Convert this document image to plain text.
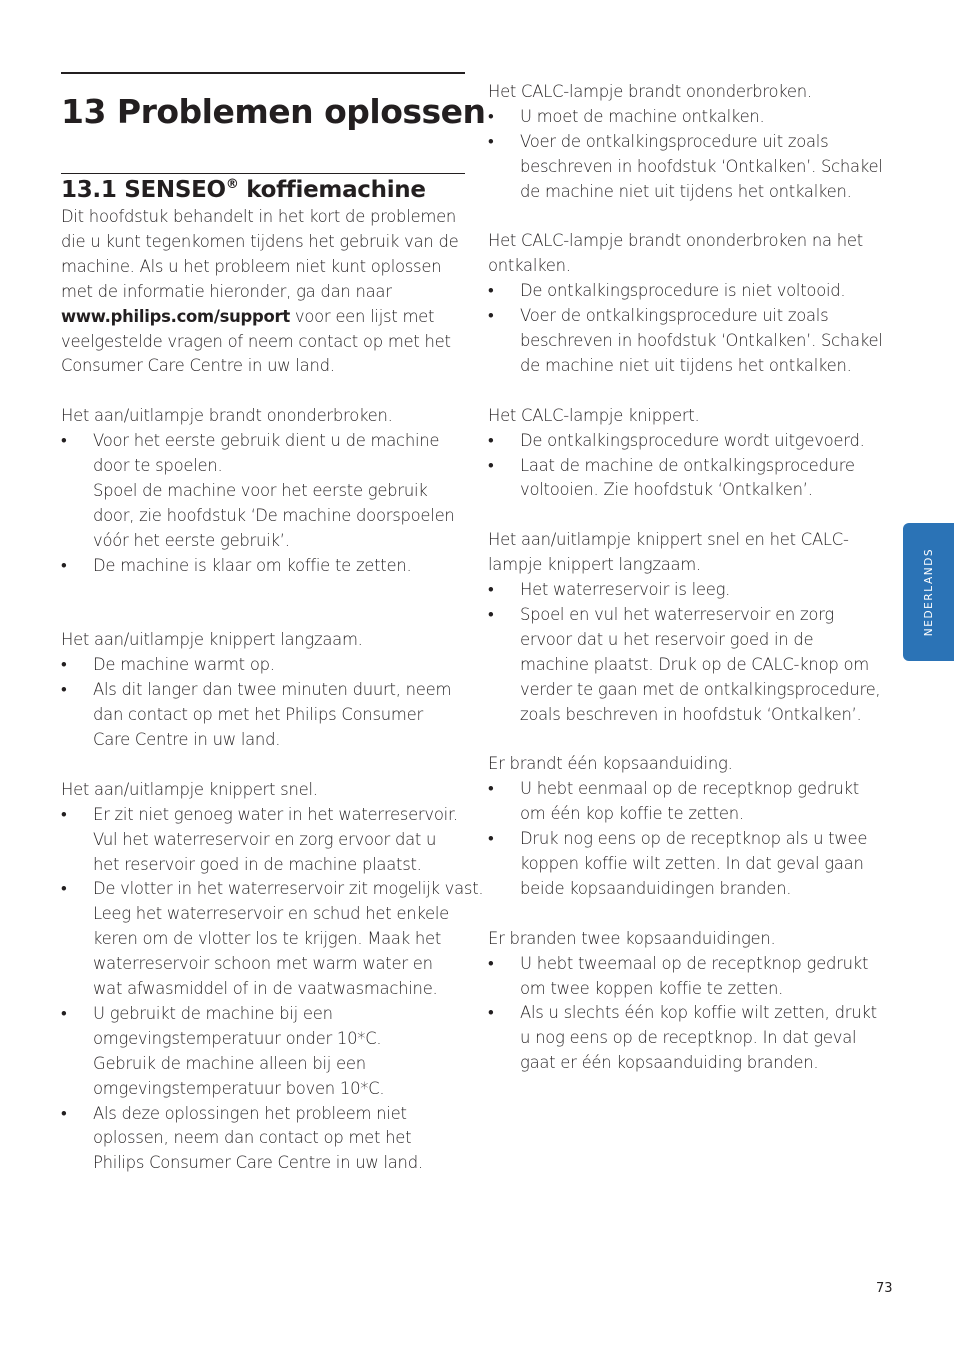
13 Problemen oplossen
13.1 SENSEO® koffiemachine

Dit hoofdstuk behandelt in het kort de problemen
die u kunt tegenkomen tijdens het gebruik van de
machine. Als u het probleem niet kunt oplossen
met de informatie hieronder, ga dan naar
www.philips.com/support voor een lijst met
veelgestelde vragen of neem contact op met het
Consumer Care Centre in uw land.

Het aan/uitlampje brandt ononderbroken.

• Voor het eerste gebruik dient u de machine
door te spoelen.
Spoel de machine voor het eerste gebruik
door, zie hoofdstuk ‘De machine doorspoelen
vóór het eerste gebruik’.
• De machine is klaar om koffie te zetten.

Het aan/uitlampje knippert langzaam.

• De machine warmt op.
• Als dit langer dan twee minuten duurt, neem
dan contact op met het Philips Consumer
Care Centre in uw land.

Het aan/uitlampje knippert snel.

• Er zit niet genoeg water in het waterreservoir.
Vul het waterreservoir en zorg ervoor dat u
het reservoir goed in de machine plaatst.
• De vlotter in het waterreservoir zit mogelijk vast.
Leeg het waterreservoir en schud het enkele
keren om de vlotter los te krijgen. Maak het
waterreservoir schoon met warm water en
wat afwasmiddel of in de vaatwasmachine.
• U gebruikt de machine bij een
omgevingstemperatuur onder 10*C.
Gebruik de machine alleen bij een
omgevingstemperatuur boven 10*C.
• Als deze oplossingen het probleem niet
oplossen, neem dan contact op met het
Philips Consumer Care Centre in uw land.

Het CALC-lampje brandt ononderbroken.

• U moet de machine ontkalken.
• Voer de ontkalkingsprocedure uit zoals
beschreven in hoofdstuk ‘Ontkalken’. Schakel
de machine niet uit tijdens het ontkalken.

Het CALC-lampje brandt ononderbroken na het
ontkalken.

• De ontkalkingsprocedure is niet voltooid.
• Voer de ontkalkingsprocedure uit zoals
beschreven in hoofdstuk ‘Ontkalken’. Schakel
de machine niet uit tijdens het ontkalken.

Het CALC-lampje knippert.

• De ontkalkingsprocedure wordt uitgevoerd.
• Laat de machine de ontkalkingsprocedure
voltooien. Zie hoofdstuk ‘Ontkalken’.

Het aan/uitlampje knippert snel en het CALC-
lampje knippert langzaam.

• Het waterreservoir is leeg.
• Spoel en vul het waterreservoir en zorg
ervoor dat u het reservoir goed in de
machine plaatst. Druk op de CALC-knop om
verder te gaan met de ontkalkingsprocedure,
zoals beschreven in hoofdstuk ‘Ontkalken’.

Er brandt één kopsaanduiding.

• U hebt eenmaal op de receptknop gedrukt
om één kop koffie te zetten.
• Druk nog eens op de receptknop als u twee
koppen koffie wilt zetten. In dat geval gaan
beide kopsaanduidingen branden.

Er branden twee kopsaanduidingen.

• U hebt tweemaal op de receptknop gedrukt
om twee koppen koffie te zetten.
• Als u slechts één kop koffie wilt zetten, drukt
u nog eens op de receptknop. In dat geval
gaat er één kopsaanduiding branden.
NEDERLANDS
73
